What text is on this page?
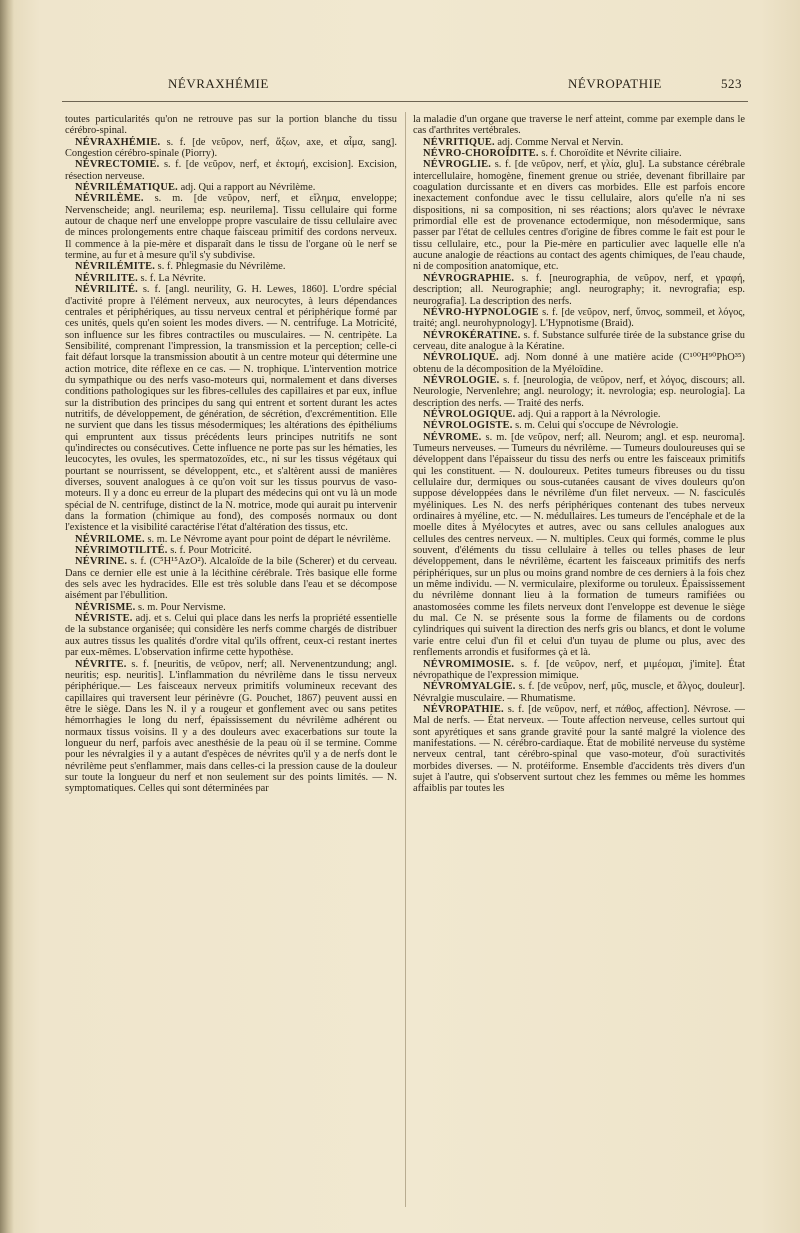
NÉVRAXHÉMIE	NÉVROPATHIE	523

toutes particularités qu'on ne retrouve pas sur la portion blanche du tissu cérébro-spinal.

NÉVRAXHÉMIE. s. f. [de νεῦρον, nerf, ἄξων, axe, et αἷμα, sang]. Congestion cérébro-spinale (Piorry).

NÉVRECTOMIE. s. f. [de νεῦρον, nerf, et ἐκτομή, excision]. Excision, résection nerveuse.

NÉVRILÉMATIQUE. adj. Qui a rapport au Névrilème.

NÉVRILÈME. s. m. [de νεῦρον, nerf, et εἴλημα, enveloppe; Nervenscheide; angl. neurilema; esp. neurilema]. Tissu cellulaire qui forme autour de chaque nerf une enveloppe propre vasculaire de tissu cellulaire avec de minces prolongements entre chaque faisceau primitif des cordons nerveux. Il commence à la pie-mère et disparaît dans le tissu de l'organe où le nerf se termine, au fur et à mesure qu'il s'y subdivise.

NÉVRILÉMITE. s. f. Phlegmasie du Névrilème.

NÉVRILITE. s. f. La Névrite.

NÉVRILITÉ. s. f. [angl. neurility, G. H. Lewes, 1860]. L'ordre spécial d'activité propre à l'élément nerveux, aux neurocytes, à leurs dépendances centrales et périphériques, au tissu nerveux central et périphérique formé par ces unités, quels qu'en soient les modes divers. — N. centrifuge. La Motricité, son influence sur les fibres contractiles ou musculaires. — N. centripète. La Sensibilité, comprenant l'impression, la transmission et la perception; celle-ci fait défaut lorsque la transmission aboutit à un centre moteur qui détermine une action motrice, dite réflexe en ce cas. — N. trophique. L'intervention motrice du sympathique ou des nerfs vaso-moteurs qui, normalement et dans diverses conditions pathologiques sur les fibres-cellules des capillaires et par eux, influe sur la distribution des principes du sang qui entrent et sortent durant les actes nutritifs, de développement, de génération, de sécrétion, d'excrémentition. Elle ne survient que dans les tissus mésodermiques; les altérations des épithéliums qui empruntent aux tissus précédents leurs principes nutritifs ne sont qu'indirectes ou consécutives. Cette influence ne porte pas sur les hématies, les leucocytes, les ovules, les spermatozoïdes, etc., ni sur les tissus végétaux qui pourtant se nourrissent, se développent, etc., et s'altèrent aussi de manières diverses, souvent analogues à ce qu'on voit sur les tissus pourvus de vaso-moteurs. Il y a donc eu erreur de la plupart des médecins qui ont vu là un mode spécial de N. centrifuge, distinct de la N. motrice, mode qui aurait pu intervenir dans la formation (chimique au fond), des composés normaux ou dont l'existence et la visibilité caractérise l'état d'altération des tissus, etc.

NÉVRILOME. s. m. Le Névrome ayant pour point de départ le névrilème.

NÉVRIMOTILITÉ. s. f. Pour Motricité.

NÉVRINE. s. f. (C⁵H¹⁵AzO²). Alcaloïde de la bile (Scherer) et du cerveau. Dans ce dernier elle est unie à la lécithine cérébrale. Très basique elle forme des sels avec les hydracides. Elle est très soluble dans l'eau et se décompose aisément par l'ébullition.

NÉVRISME. s. m. Pour Nervisme.

NÉVRISTE. adj. et s. Celui qui place dans les nerfs la propriété essentielle de la substance organisée; qui considère les nerfs comme chargés de distribuer aux autres tissus les qualités d'ordre vital qu'ils offrent, ceux-ci restant inertes par eux-mêmes. L'observation infirme cette hypothèse.

NÉVRITE. s. f. [neuritis, de νεῦρον, nerf; all. Nervenentzundung; angl. neuritis; esp. neuritis]. L'inflammation du névrilème dans le tissu nerveux périphérique.— Les faisceaux nerveux primitifs volumineux recevant des capillaires qui traversent leur périnèvre (G. Pouchet, 1867) peuvent aussi en être le siège. Dans les N. il y a rougeur et gonflement avec ou sans petites hémorrhagies le long du nerf, épaississement du névrilème adhérent ou normaux tissus voisins. Il y a des douleurs avec exacerbations sur toute la longueur du nerf, parfois avec anesthésie de la peau où il se termine. Comme pour les névralgies il y a autant d'espèces de névrites qu'il y a de nerfs dont le névrilème peut s'enflammer, mais dans celles-ci la pression cause de la douleur sur toute la longueur du nerf et non seulement sur des points limités. — N. symptomatiques. Celles qui sont déterminées par

la maladie d'un organe que traverse le nerf atteint, comme par exemple dans le cas d'arthrites vertébrales.

NÉVRITIQUE. adj. Comme Nerval et Nervin.

NÉVRO-CHOROÏDITE. s. f. Choroïdite et Névrite ciliaire.

NÉVROGLIE. s. f. [de νεῦρον, nerf, et γλία, glu]. La substance cérébrale intercellulaire, homogène, finement grenue ou striée, devenant fibrillaire par coagulation durcissante et en divers cas morbides. Elle est parfois encore inexactement confondue avec le tissu cellulaire, alors qu'elle n'a ni ses dispositions, ni sa composition, ni ses réactions; alors qu'avec le névraxe primordial elle est de provenance ectodermique, non mésodermique, sans passer par l'état de cellules centres d'origine de fibres comme le fait est pour le tissu cellulaire, etc., pour la Pie-mère en particulier avec laquelle elle n'a aucune analogie de réactions au contact des agents chimiques, de l'eau chaude, ni de composition anatomique, etc.

NÉVROGRAPHIE. s. f. [neurographia, de νεῦρον, nerf, et γραφή, description; all. Neurographie; angl. neurography; it. nevrografia; esp. neurografia]. La description des nerfs.

NÉVRO-HYPNOLOGIE s. f. [de νεῦρον, nerf, ὕπνος, sommeil, et λόγος, traité; angl. neurohypnology]. L'Hypnotisme (Braid).

NÉVROKÉRATINE. s. f. Substance sulfurée tirée de la substance grise du cerveau, dite analogue à la Kératine.

NÉVROLIQUE. adj. Nom donné à une matière acide (C¹⁰⁰H⁹⁰PhO³⁵) obtenu de la décomposition de la Myéloïdine.

NÉVROLOGIE. s. f. [neurologia, de νεῦρον, nerf, et λόγος, discours; all. Neurologie, Nervenlehre; angl. neurology; it. nevrologia; esp. neurologia]. La description des nerfs. — Traité des nerfs.

NÉVROLOGIQUE. adj. Qui a rapport à la Névrologie.

NÉVROLOGISTE. s. m. Celui qui s'occupe de Névrologie.

NÉVROME. s. m. [de νεῦρον, nerf; all. Neurom; angl. et esp. neuroma]. Tumeurs nerveuses. — Tumeurs du névrilème. — Tumeurs douloureuses qui se développent dans l'épaisseur du tissu des nerfs ou entre les faisceaux primitifs qui les constituent. — N. douloureux. Petites tumeurs fibreuses ou du tissu cellulaire dur, dermiques ou sous-cutanées causant de vives douleurs qu'on suppose développées dans le névrilème d'un filet nerveux. — N. fasciculés myéliniques. Les N. des nerfs périphériques contenant des tubes nerveux ordinaires à myéline, etc. — N. médullaires. Les tumeurs de l'encéphale et de la moelle dites à Myélocytes et autres, avec ou sans cellules analogues aux cellules des centres nerveux. — N. multiples. Ceux qui formés, comme le plus souvent, d'éléments du tissu cellulaire à telles ou telles phases de leur développement, dans le névrilème, écartent les faisceaux primitifs des nerfs périphériques, sur un plus ou moins grand nombre de ces derniers à la fois chez un même individu. — N. vermiculaire, plexiforme ou toruleux. Épaississement du névrilème donnant lieu à la formation de tumeurs ramifiées ou anastomosées comme les filets nerveux dont l'enveloppe est devenue le siège du mal. Ce N. se présente sous la forme de filaments ou de cordons cylindriques qui suivent la direction des nerfs gris ou blancs, et dont le volume varie entre celui d'un fil et celui d'un tuyau de plume ou plus, avec des renflements arrondis et fusiformes çà et là.

NÉVROMIMOSIE. s. f. [de νεῦρον, nerf, et μιμέομαι, j'imite]. État névropathique de l'expression mimique.

NÉVROMYALGIE. s. f. [de νεῦρον, nerf, μῦς, muscle, et ἄλγος, douleur]. Névralgie musculaire. — Rhumatisme.

NÉVROPATHIE. s. f. [de νεῦρον, nerf, et πάθος, affection]. Névrose. — Mal de nerfs. — État nerveux. — Toute affection nerveuse, celles surtout qui sont apyrétiques et sans grande gravité pour la santé malgré la violence des manifestations. — N. cérébro-cardiaque. État de mobilité nerveuse du système nerveux central, tant cérébro-spinal que vaso-moteur, d'où suractivités morbides diverses. — N. protéiforme. Ensemble d'accidents très divers d'un sujet à l'autre, qui s'observent surtout chez les femmes ou même les hommes affaiblis par toutes les
